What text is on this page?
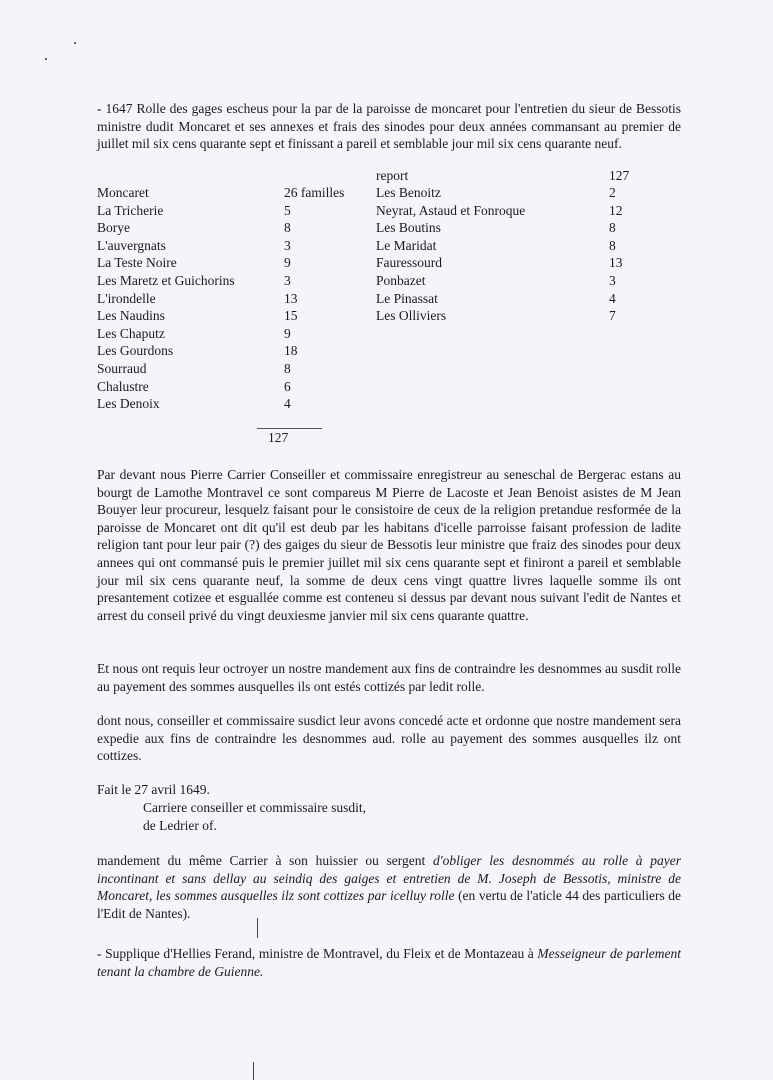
- 1647 Rolle des gages escheus pour la par de la paroisse de moncaret pour l'entretien du sieur de Bessotis ministre dudit Moncaret et ses annexes et frais des sinodes pour deux années commansant au premier de juillet mil six cens quarante sept et finissant a pareil et semblable jour mil six cens quarante neuf.

report	127
Moncaret	26 familles
La Tricherie	5
Borye	8
L'auvergnats	3
La Teste Noire	9
Les Maretz et Guichorins	3
L'irondelle	13
Les Naudins	15
Les Chaputz	9
Les Gourdons	18
Sourraud	8
Chalustre	6
Les Denoix	4
Les Benoitz	2
Neyrat, Astaud et Fonroque	12
Les Boutins	8
Le Maridat	8
Fauressourd	13
Ponbazet	3
Le Pinassat	4
Les Olliviers	7
127

Par devant nous Pierre Carrier Conseiller et commissaire enregistreur au seneschal de Bergerac estans au bourgt de Lamothe Montravel ce sont compareus M Pierre de Lacoste et Jean Benoist asistes de M Jean Bouyer leur procureur, lesquelz faisant pour le consistoire de ceux de la religion pretandue resformée de la paroisse de Moncaret ont dit qu'il est deub par les habitans d'icelle parroisse faisant profession de ladite religion tant pour leur pair (?) des gaiges du sieur de Bessotis leur ministre que fraiz des sinodes pour deux annees qui ont commansé puis le premier juillet mil six cens quarante sept et finiront a pareil et semblable jour mil six cens quarante neuf, la somme de deux cens vingt quattre livres laquelle somme ils ont presantement cotizee et esguallée comme est conteneu si dessus par devant nous suivant l'edit de Nantes et arrest du conseil privé du vingt deuxiesme janvier mil six cens quarante quattre.

Et nous ont requis leur octroyer un nostre mandement aux fins de contraindre les desnommes au susdit rolle au payement des sommes ausquelles ils ont estés cottizés par ledit rolle.

dont nous, conseiller et commissaire susdict leur avons concedé acte et ordonne que nostre mandement sera expedie aux fins de contraindre les desnommes aud. rolle au payement des sommes ausquelles ilz ont cottizes.

Fait le 27 avril 1649.

Carriere conseiller et commissaire susdit,

de Ledrier of.

mandement du même Carrier à son huissier ou sergent d'obliger les desnommés au rolle à payer incontinant et sans dellay au seindiq des gaiges et entretien de M. Joseph de Bessotis, ministre de Moncaret, les sommes ausquelles ilz sont cottizes par icelluy rolle (en vertu de l'aticle 44 des particuliers de l'Edit de Nantes).

- Supplique d'Hellies Ferand, ministre de Montravel, du Fleix et de Montazeau à Messeigneur de parlement tenant la chambre de Guienne.
